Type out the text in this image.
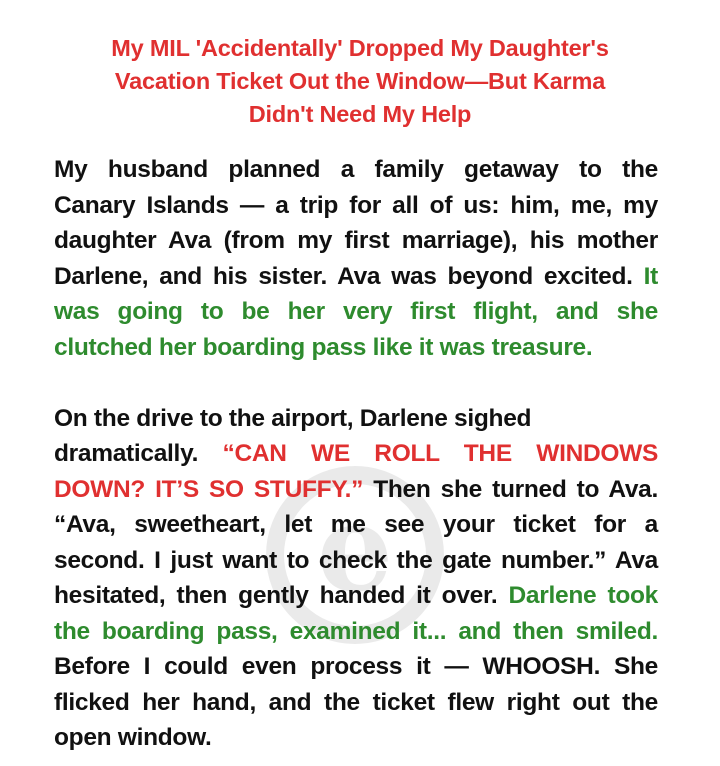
My MIL 'Accidentally' Dropped My Daughter's
Vacation Ticket Out the Window—But Karma
Didn't Need My Help
e
My husband planned a family getaway to the
Canary Islands — a trip for all of us: him, me, my
daughter Ava (from my first marriage), his mother
Darlene, and his sister. Ava was beyond excited. It
was going to be her very first flight, and she
clutched her boarding pass like it was treasure.
On the drive to the airport, Darlene sighed
dramatically. “CAN WE ROLL THE WINDOWS
DOWN? IT’S SO STUFFY.” Then she turned to Ava.
“Ava, sweetheart, let me see your ticket for a
second. I just want to check the gate number.” Ava
hesitated, then gently handed it over. Darlene took
the boarding pass, examined it... and then smiled.
Before I could even process it — WHOOSH. She
flicked her hand, and the ticket flew right out the
open window.
